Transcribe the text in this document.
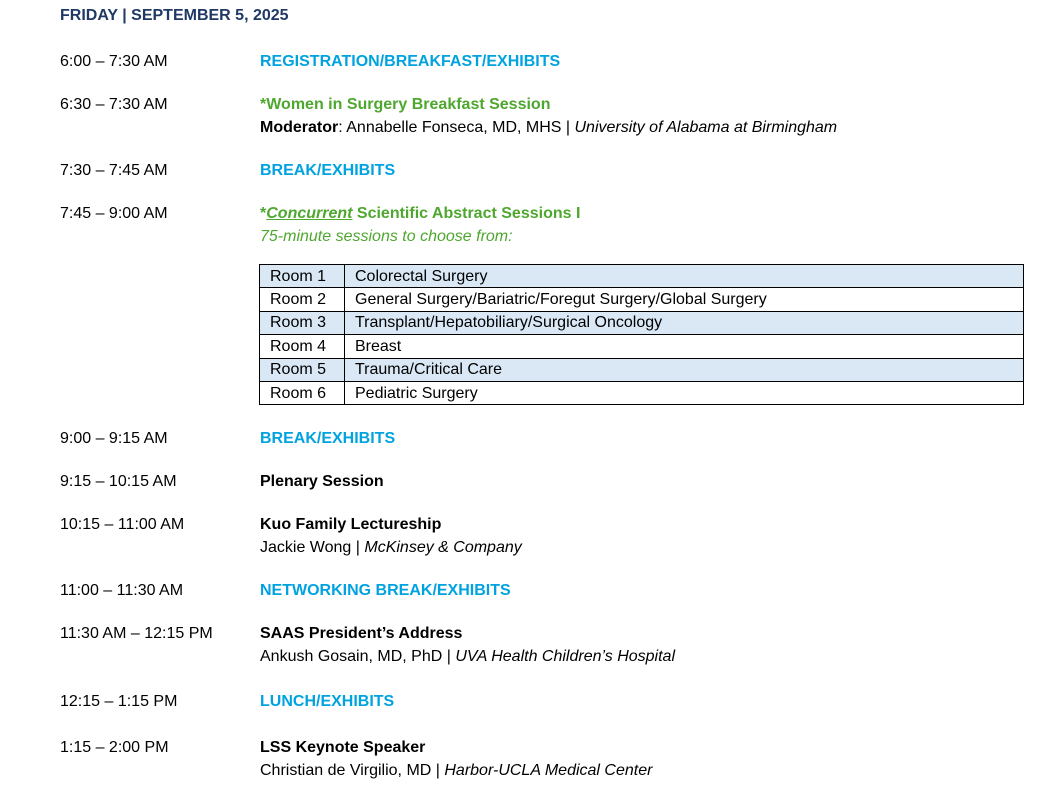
FRIDAY | SEPTEMBER 5, 2025
6:00 – 7:30 AM	REGISTRATION/BREAKFAST/EXHIBITS
6:30 – 7:30 AM	*Women in Surgery Breakfast Session
Moderator: Annabelle Fonseca, MD, MHS | University of Alabama at Birmingham
7:30 – 7:45 AM	BREAK/EXHIBITS
7:45 – 9:00 AM	*Concurrent Scientific Abstract Sessions I
75-minute sessions to choose from:
Room 1	Colorectal Surgery
Room 2	General Surgery/Bariatric/Foregut Surgery/Global Surgery
Room 3	Transplant/Hepatobiliary/Surgical Oncology
Room 4	Breast
Room 5	Trauma/Critical Care
Room 6	Pediatric Surgery
9:00 – 9:15 AM	BREAK/EXHIBITS
9:15 – 10:15 AM	Plenary Session
10:15 – 11:00 AM	Kuo Family Lectureship
Jackie Wong | McKinsey & Company
11:00 – 11:30 AM	NETWORKING BREAK/EXHIBITS
11:30 AM – 12:15 PM	SAAS President’s Address
Ankush Gosain, MD, PhD | UVA Health Children’s Hospital
12:15 – 1:15 PM	LUNCH/EXHIBITS
1:15 – 2:00 PM	LSS Keynote Speaker
Christian de Virgilio, MD | Harbor-UCLA Medical Center
